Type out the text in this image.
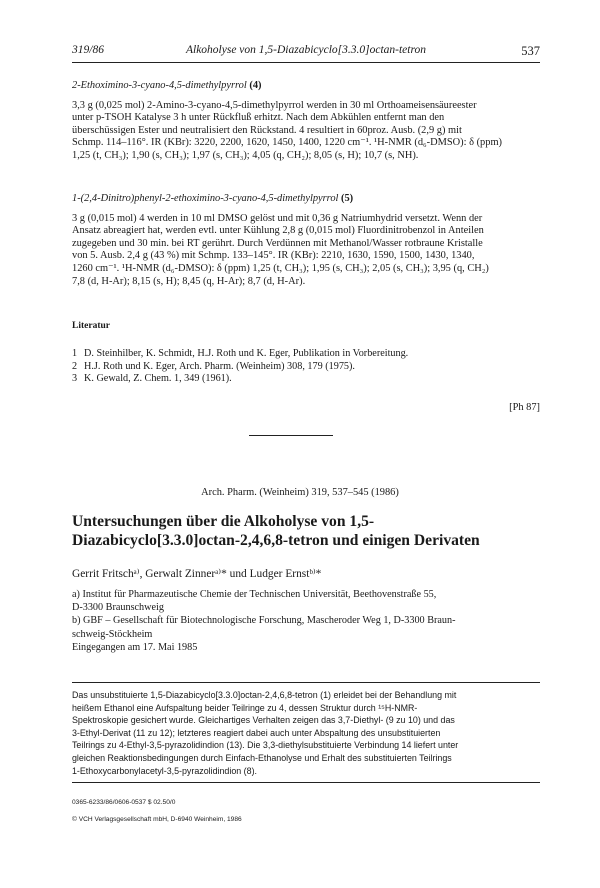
319/86	Alkoholyse von 1,5-Diazabicyclo[3.3.0]octan-tetron	537

2-Ethoximino-3-cyano-4,5-dimethylpyrrol (4)

3,3 g (0,025 mol) 2-Amino-3-cyano-4,5-dimethylpyrrol werden in 30 ml Orthoameisensäureester

unter p-TSOH Katalyse 3 h unter Rückfluß erhitzt. Nach dem Abkühlen entfernt man den

überschüssigen Ester und neutralisiert den Rückstand. 4 resultiert in 60proz. Ausb. (2,9 g) mit

Schmp. 114–116°. IR (KBr): 3220, 2200, 1620, 1450, 1400, 1220 cm⁻¹. ¹H-NMR (d₆-DMSO): δ (ppm)

1,25 (t, CH₃); 1,90 (s, CH₃); 1,97 (s, CH₃); 4,05 (q, CH₂); 8,05 (s, H); 10,7 (s, NH).

1-(2,4-Dinitro)phenyl-2-ethoximino-3-cyano-4,5-dimethylpyrrol (5)

3 g (0,015 mol) 4 werden in 10 ml DMSO gelöst und mit 0,36 g Natriumhydrid versetzt. Wenn der

Ansatz abreagiert hat, werden evtl. unter Kühlung 2,8 g (0,015 mol) Fluordinitrobenzol in Anteilen

zugegeben und 30 min. bei RT gerührt. Durch Verdünnen mit Methanol/Wasser rotbraune Kristalle

von 5. Ausb. 2,4 g (43 %) mit Schmp. 133–145°. IR (KBr): 2210, 1630, 1590, 1500, 1430, 1340,

1260 cm⁻¹. ¹H-NMR (d₆-DMSO): δ (ppm) 1,25 (t, CH₃); 1,95 (s, CH₃); 2,05 (s, CH₃); 3,95 (q, CH₂)

7,8 (d, H-Ar); 8,15 (s, H); 8,45 (q, H-Ar); 8,7 (d, H-Ar).

Literatur
1 D. Steinhilber, K. Schmidt, H.J. Roth und K. Eger, Publikation in Vorbereitung.
2 H.J. Roth und K. Eger, Arch. Pharm. (Weinheim) 308, 179 (1975).
3 K. Gewald, Z. Chem. 1, 349 (1961).
[Ph 87]
Arch. Pharm. (Weinheim) 319, 537–545 (1986)
Untersuchungen über die Alkoholyse von 1,5-
Diazabicyclo[3.3.0]octan-2,4,6,8-tetron und einigen Derivaten
Gerrit Fritschᵃ⁾, Gerwalt Zinnerᵃ⁾* und Ludger Ernstᵇ⁾*
a) Institut für Pharmazeutische Chemie der Technischen Universität, Beethovenstraße 55,
D-3300 Braunschweig
b) GBF – Gesellschaft für Biotechnologische Forschung, Mascheroder Weg 1, D-3300 Braun-
schweig-Stöckheim
Eingegangen am 17. Mai 1985
Das unsubstituierte 1,5-Diazabicyclo[3.3.0]octan-2,4,6,8-tetron (1) erleidet bei der Behandlung mit
heißem Ethanol eine Aufspaltung beider Teilringe zu 4, dessen Struktur durch ¹⁵H-NMR-
Spektroskopie gesichert wurde. Gleichartiges Verhalten zeigen das 3,7-Diethyl- (9 zu 10) und das
3-Ethyl-Derivat (11 zu 12); letzteres reagiert dabei auch unter Abspaltung des unsubstituierten
Teilrings zu 4-Ethyl-3,5-pyrazolidindion (13). Die 3,3-diethylsubstituierte Verbindung 14 liefert unter
gleichen Reaktionsbedingungen durch Einfach-Ethanolyse und Erhalt des substituierten Teilrings
1-Ethoxycarbonylacetyl-3,5-pyrazolidindion (8).
0365-6233/86/0606-0537 $ 02.50/0
© VCH Verlagsgesellschaft mbH, D-6940 Weinheim, 1986
